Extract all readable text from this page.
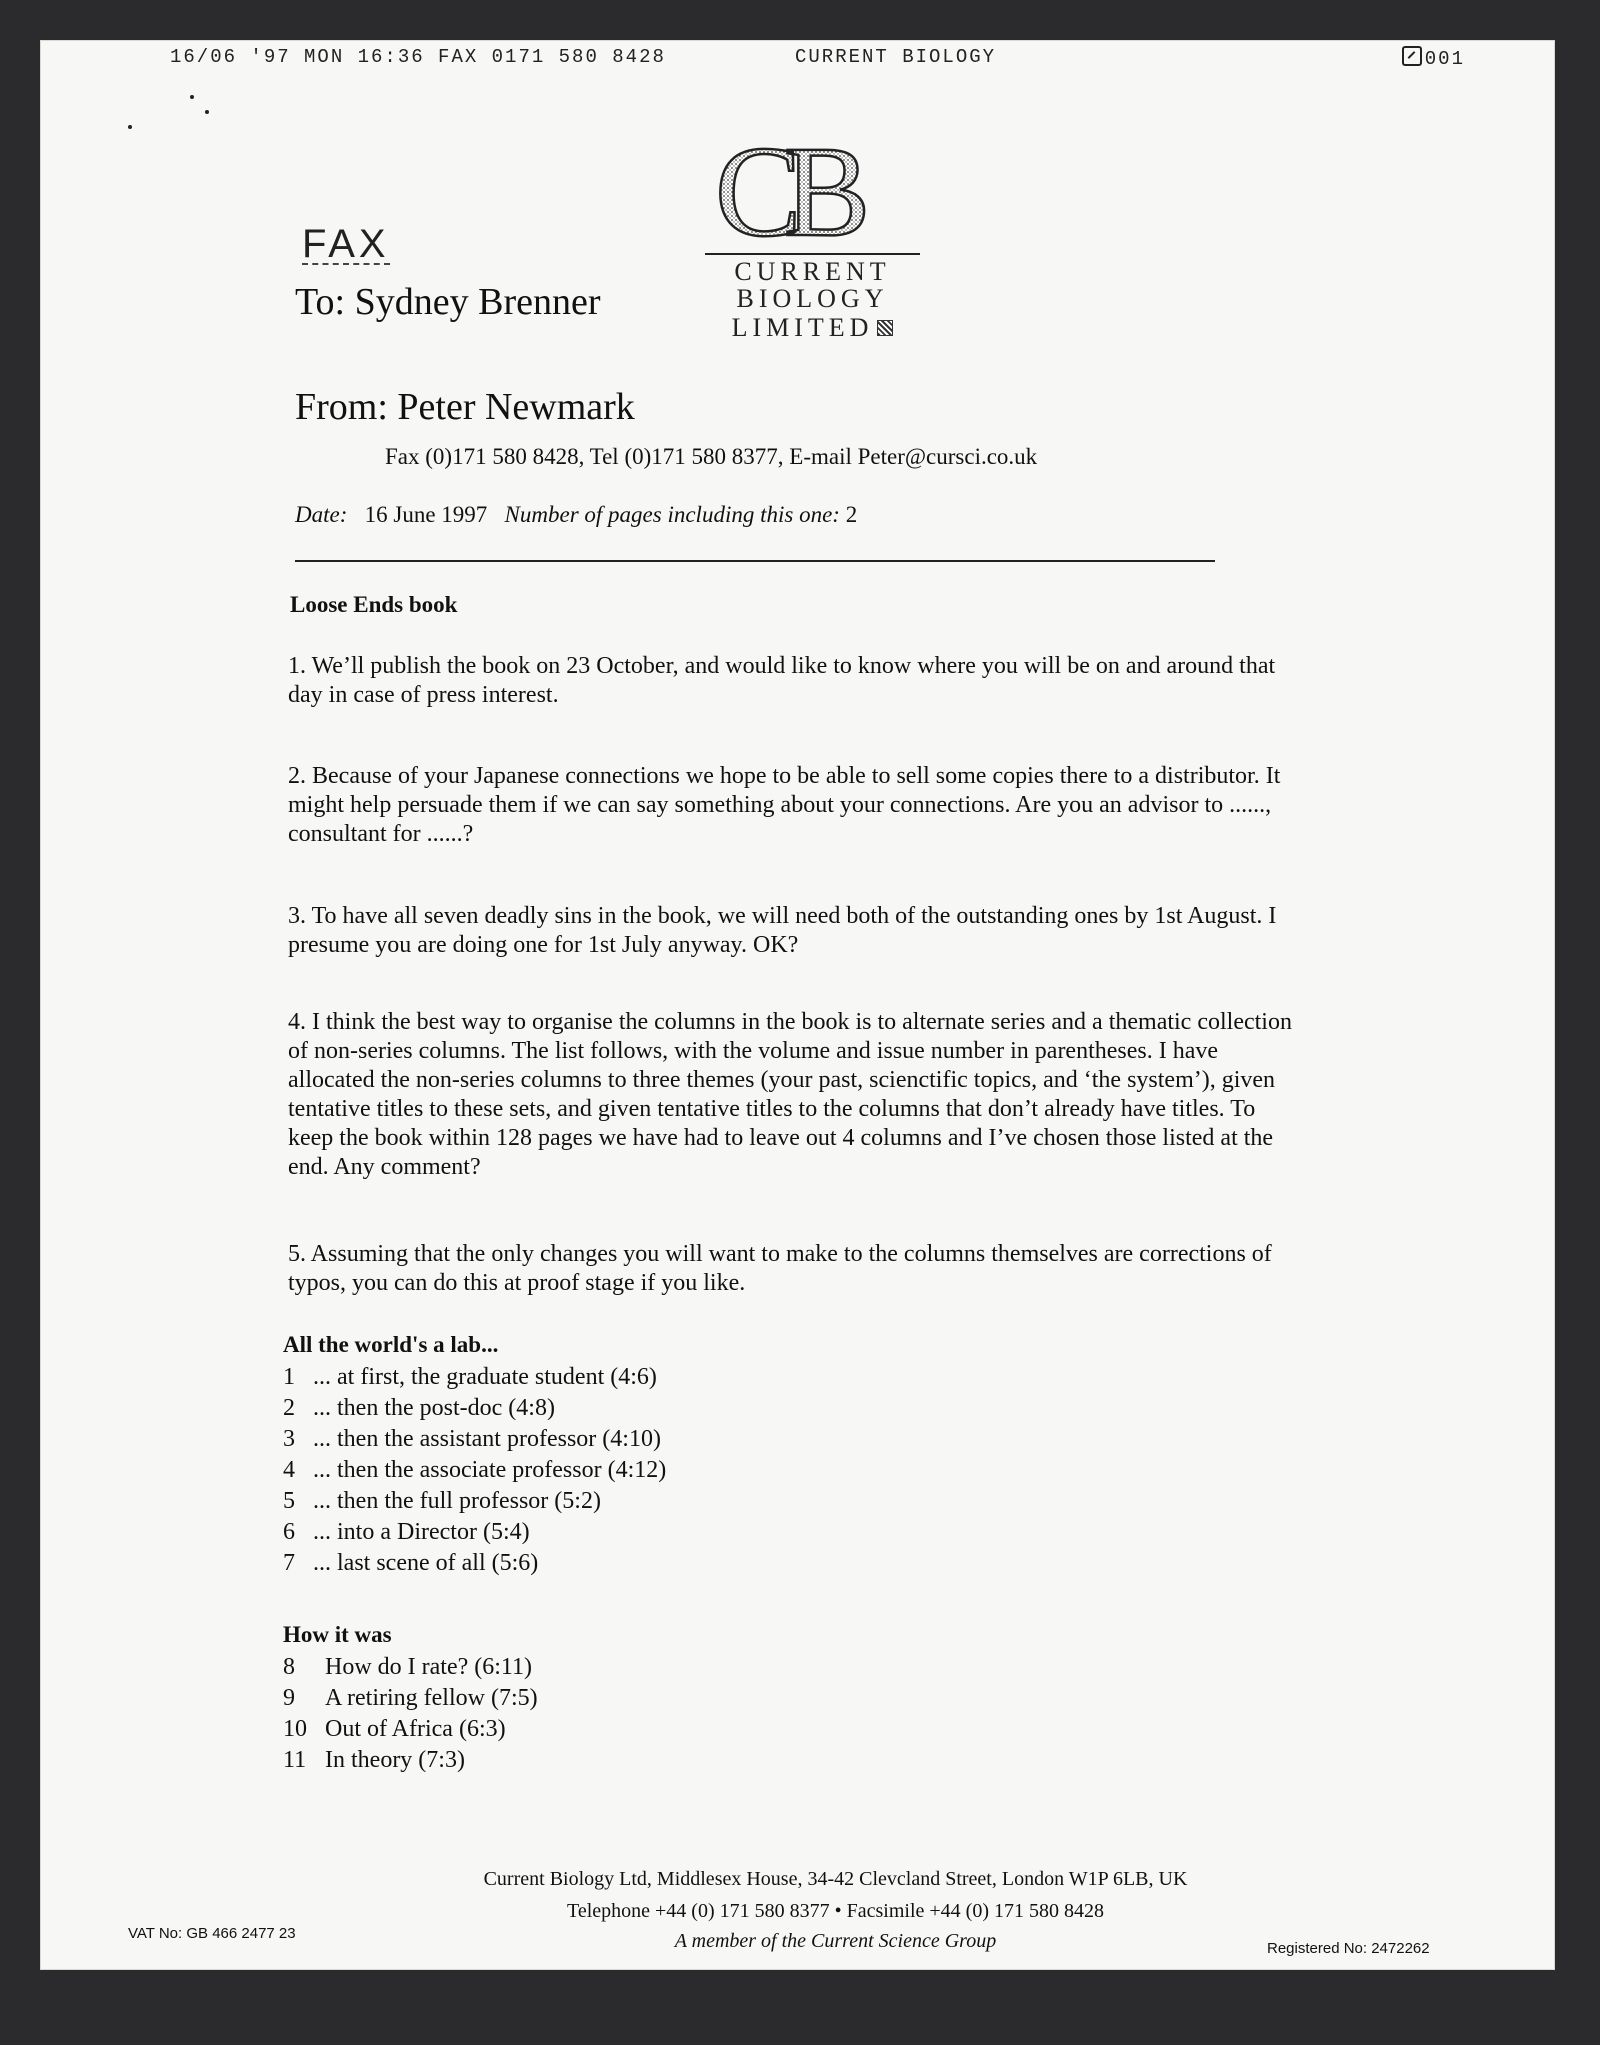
16/06 '97 MON 16:36 FAX 0171 580 8428	CURRENT BIOLOGY	001
CB
CURRENT
BIOLOGY
LIMITED
FAX
To: Sydney Brenner
From: Peter Newmark
Fax (0)171 580 8428, Tel (0)171 580 8377, E-mail Peter@cursci.co.uk
Date: 16 June 1997 Number of pages including this one: 2
Loose Ends book
1. We’ll publish the book on 23 October, and would like to know where you will be on and around that day in case of press interest.
2. Because of your Japanese connections we hope to be able to sell some copies there to a distributor. It might help persuade them if we can say something about your connections. Are you an advisor to ......, consultant for ......?
3. To have all seven deadly sins in the book, we will need both of the outstanding ones by 1st August. I presume you are doing one for 1st July anyway. OK?
4. I think the best way to organise the columns in the book is to alternate series and a thematic collection of non-series columns. The list follows, with the volume and issue number in parentheses. I have allocated the non-series columns to three themes (your past, scienctific topics, and ‘the system’), given tentative titles to these sets, and given tentative titles to the columns that don’t already have titles. To keep the book within 128 pages we have had to leave out 4 columns and I’ve chosen those listed at the end. Any comment?
5. Assuming that the only changes you will want to make to the columns themselves are corrections of typos, you can do this at proof stage if you like.
All the world's a lab...
1 ... at first, the graduate student (4:6)
2 ... then the post-doc (4:8)
3 ... then the assistant professor (4:10)
4 ... then the associate professor (4:12)
5 ... then the full professor (5:2)
6 ... into a Director (5:4)
7 ... last scene of all (5:6)
How it was
8 How do I rate? (6:11)
9 A retiring fellow (7:5)
10 Out of Africa (6:3)
11 In theory (7:3)
Current Biology Ltd, Middlesex House, 34-42 Clevcland Street, London W1P 6LB, UK
Telephone +44 (0) 171 580 8377 • Facsimile +44 (0) 171 580 8428
A member of the Current Science Group
VAT No: GB 466 2477 23
Registered No: 2472262
